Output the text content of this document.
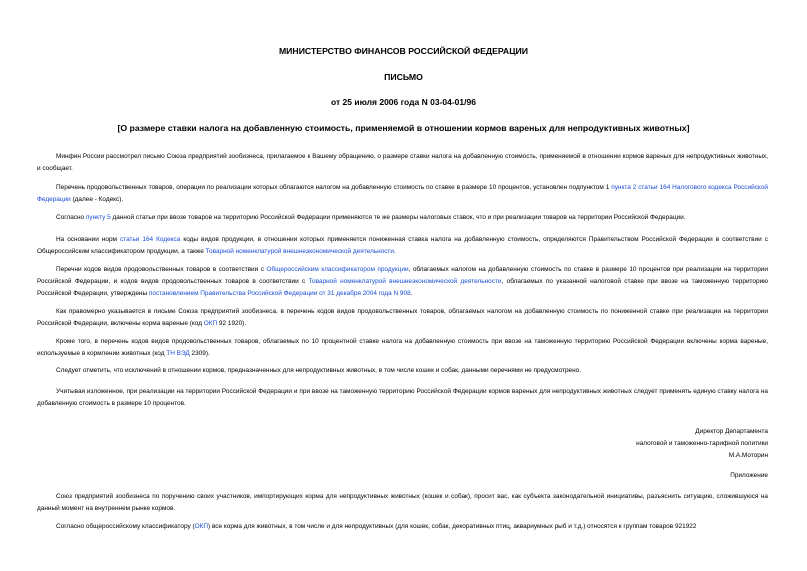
МИНИСТЕРСТВО ФИНАНСОВ РОССИЙСКОЙ ФЕДЕРАЦИИ
ПИСЬМО
от 25 июля 2006 года N 03-04-01/96
[О размере ставки налога на добавленную стоимость, применяемой в отношении кормов вареных для непродуктивных животных]

Минфин России рассмотрел письмо Союза предприятий зообизнеса, прилагаемое к Вашему обращению, о размере ставки налога на добавленную стоимость, применяемой в отношении кормов вареных для непродуктивных животных, и сообщает.

Перечень продовольственных товаров, операции по реализации которых облагаются налогом на добавленную стоимость по ставке в размере 10 процентов, установлен подпунктом 1 пункта 2 статьи 164 Налогового кодекса Российской Федерации (далее - Кодекс).

Согласно пункту 5 данной статьи при ввозе товаров на территорию Российской Федерации применяются те же размеры налоговых ставок, что и при реализации товаров на территории Российской Федерации.

На основании норм статьи 164 Кодекса коды видов продукции, в отношении которых применяется пониженная ставка налога на добавленную стоимость, определяются Правительством Российской Федерации в соответствии с Общероссийским классификатором продукции, а также Товарной номенклатурой внешнеэкономической деятельности.

Перечни кодов видов продовольственных товаров в соответствии с Общероссийским классификатором продукции, облагаемых налогом на добавленную стоимость по ставке в размере 10 процентов при реализации на территории Российской Федерации, и кодов видов продовольственных товаров в соответствии с Товарной номенклатурой внешнеэкономической деятельности, облагаемых по указанной налоговой ставке при ввозе на таможенную территорию Российской Федерации, утверждены постановлением Правительства Российской Федерации от 31 декабря 2004 года N 908.

Как правомерно указывается в письме Союза предприятий зообизнеса, в перечень кодов видов продовольственных товаров, облагаемых налогом на добавленную стоимость по пониженной ставке при реализации на территории Российской Федерации, включены корма вареные (код ОКП 92 1920).

Кроме того, в перечень кодов видов продовольственных товаров, облагаемых по 10 процентной ставке налога на добавленную стоимость при ввозе на таможенную территорию Российской Федерации включены корма вареные, используемые в кормлении животных (код ТН ВЭД 2309).

Следует отметить, что исключений в отношении кормов, предназначенных для непродуктивных животных, в том числе кошек и собак, данными перечнями не предусмотрено.

Учитывая изложенное, при реализации на территории Российской Федерации и при ввозе на таможенную территорию Российской Федерации кормов вареных для непродуктивных животных следует применять единую ставку налога на добавленную стоимость в размере 10 процентов.

Директор Департамента
налоговой и таможенно-тарифной политики
М.А.Моторин
Приложение

Союз предприятий зообизнеса по поручению своих участников, импортирующих корма для непродуктивных животных (кошек и собак), просит вас, как субъекта законодательной инициативы, разъяснить ситуацию, сложившуюся на данный момент на внутреннем рынке кормов.

Согласно общероссийскому классификатору (ОКП) все корма для животных, в том числе и для непродуктивных (для кошек, собак, декоративных птиц, аквариумных рыб и т.д.) относятся к группам товаров 921922
